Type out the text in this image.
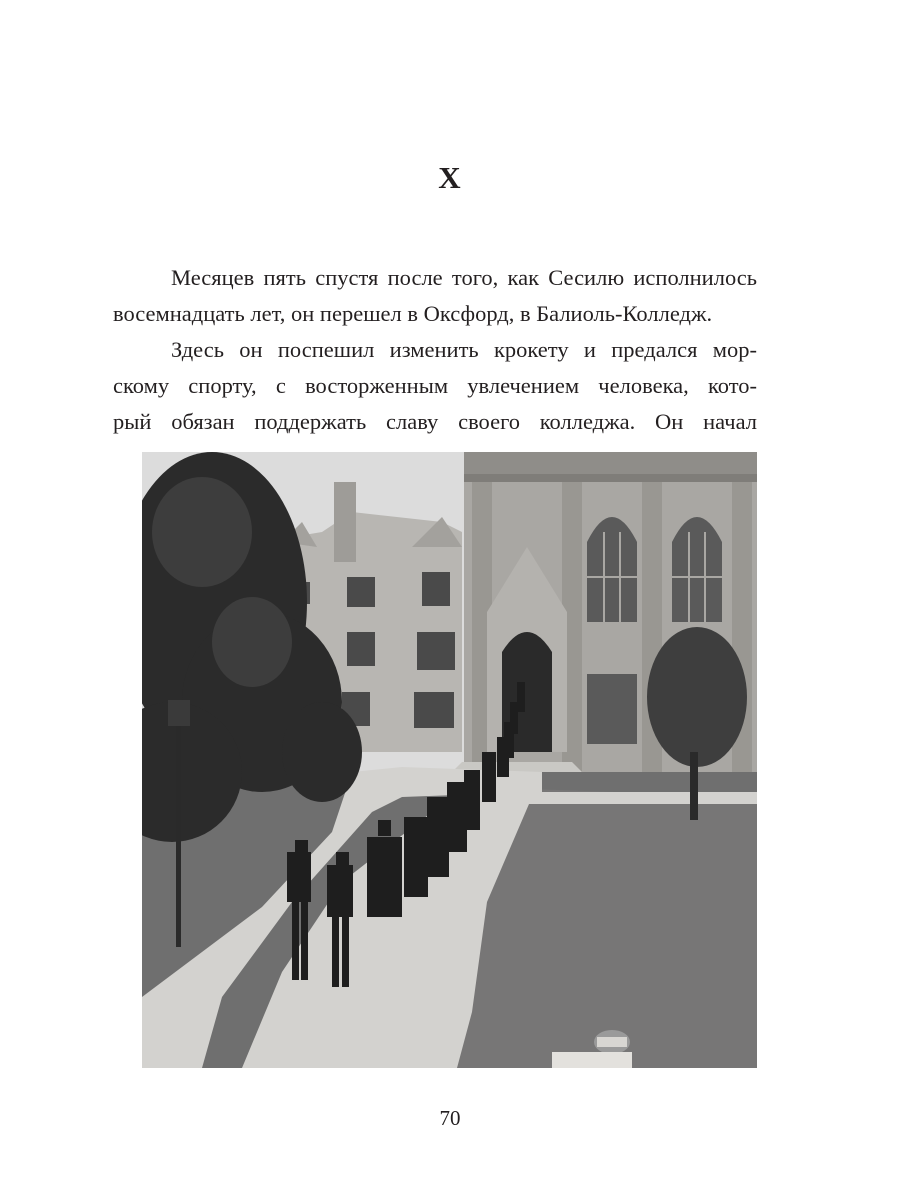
X

Месяцев пять спустя после того, как Сесилю исполнилось
восемнадцать лет, он перешел в Оксфорд, в Балиоль-Колледж.

Здесь он поспешил изменить крокету и предался мор-
скому спорту, с восторженным увлечением человека, кото-
рый обязан поддержать славу своего колледжа. Он начал

70
